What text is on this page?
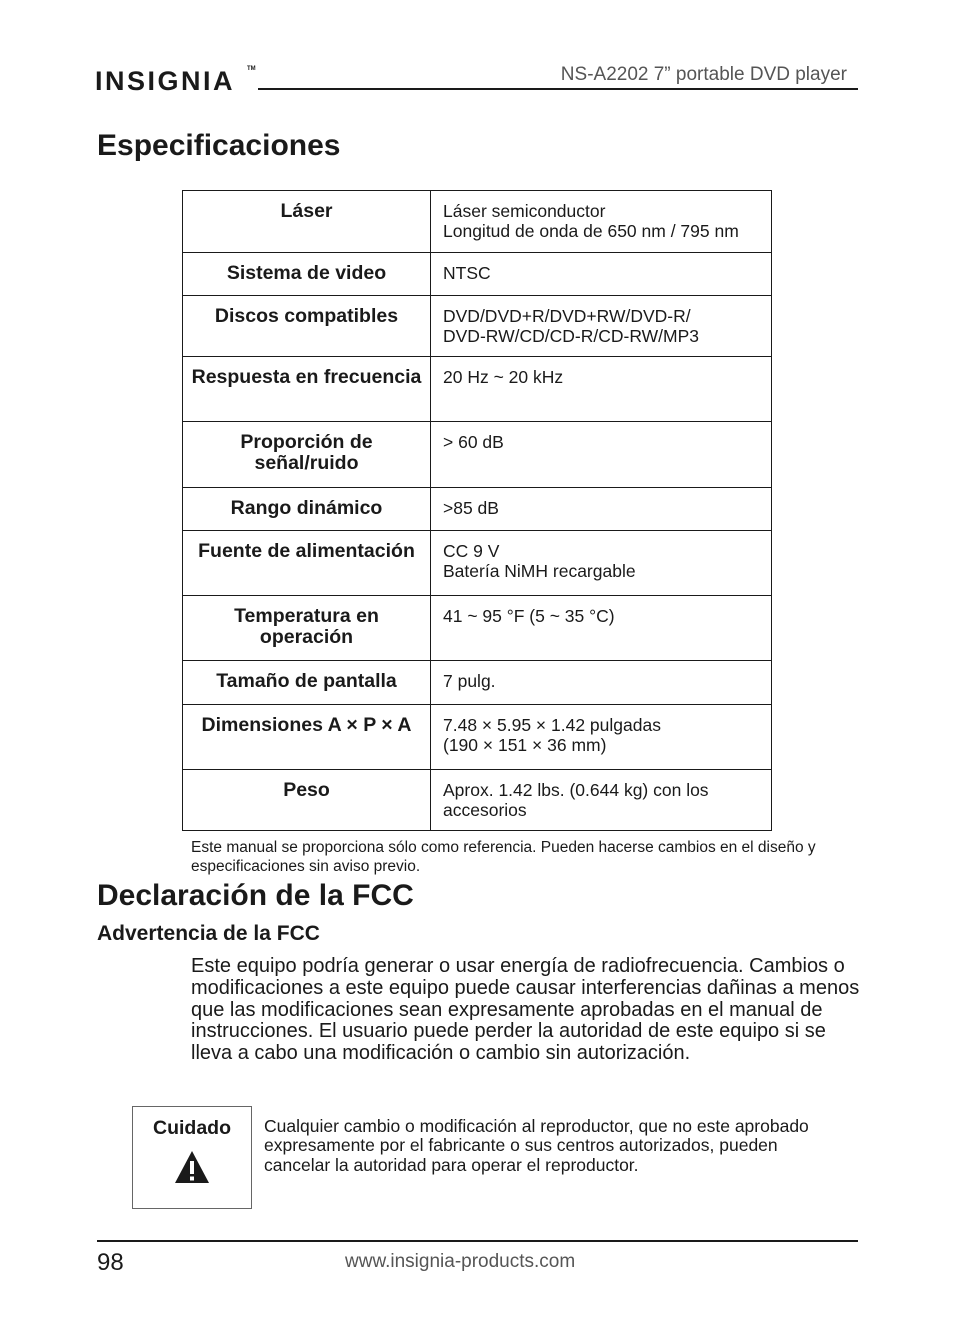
INSIGNIA TM	NS-A2202 7” portable DVD player
Especificaciones
Láser	Láser semiconductor
Longitud de onda de 650 nm / 795 nm

Sistema de video	NTSC

Discos compatibles	DVD/DVD+R/DVD+RW/DVD-R/
DVD-RW/CD/CD-R/CD-RW/MP3

Respuesta en frecuencia	20 Hz ~ 20 kHz

Proporción de señal/ruido	> 60 dB

Rango dinámico	>85 dB

Fuente de alimentación	CC 9 V
Batería NiMH recargable

Temperatura en operación	41 ~ 95 °F (5 ~ 35 °C)

Tamaño de pantalla	7 pulg.

Dimensiones A × P × A	7.48 × 5.95 × 1.42 pulgadas
(190 × 151 × 36 mm)

Peso	Aprox. 1.42 lbs. (0.644 kg) con los accesorios
Este manual se proporciona sólo como referencia. Pueden hacerse cambios en el diseño y especificaciones sin aviso previo.
Declaración de la FCC
Advertencia de la FCC
Este equipo podría generar o usar energía de radiofrecuencia. Cambios o modificaciones a este equipo puede causar interferencias dañinas a menos que las modificaciones sean expresamente aprobadas en el manual de instrucciones. El usuario puede perder la autoridad de este equipo si se lleva a cabo una modificación o cambio sin autorización.
Cuidado	Cualquier cambio o modificación al reproductor, que no este aprobado expresamente por el fabricante o sus centros autorizados, pueden cancelar la autoridad para operar el reproductor.
98	www.insignia-products.com
